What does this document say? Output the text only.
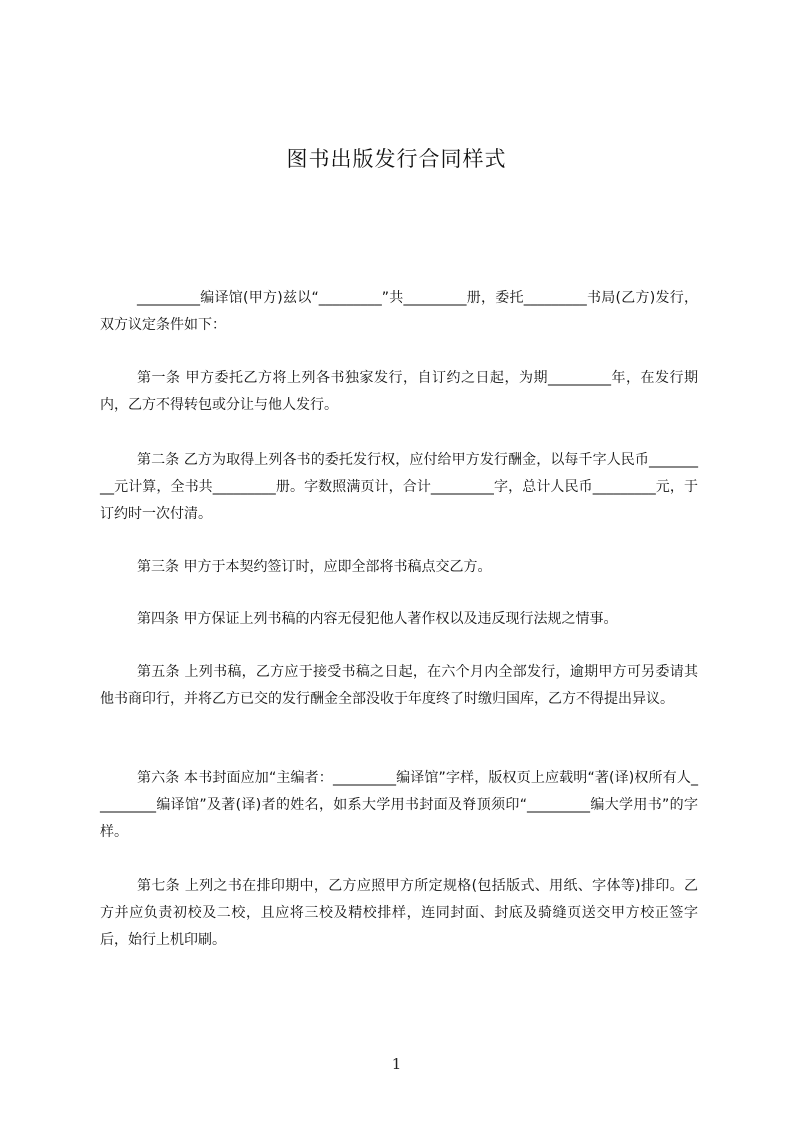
图书出版发行合同样式

_________编译馆(甲方)兹以“_________”共_________册，委托_________书局(乙方)发行，双方议定条件如下：

第一条 甲方委托乙方将上列各书独家发行，自订约之日起，为期_________年，在发行期内，乙方不得转包或分让与他人发行。

第二条 乙方为取得上列各书的委托发行权，应付给甲方发行酬金，以每千字人民币_________元计算，全书共_________册。字数照满页计，合计_________字，总计人民币_________元，于订约时一次付清。

第三条 甲方于本契约签订时，应即全部将书稿点交乙方。

第四条 甲方保证上列书稿的内容无侵犯他人著作权以及违反现行法规之情事。

第五条 上列书稿，乙方应于接受书稿之日起，在六个月内全部发行，逾期甲方可另委请其他书商印行，并将乙方已交的发行酬金全部没收于年度终了时缴归国库，乙方不得提出异议。

第六条 本书封面应加“主编者：_________编译馆”字样，版权页上应载明“著(译)权所有人_________编译馆”及著(译)者的姓名，如系大学用书封面及脊顶须印“_________编大学用书”的字样。

第七条 上列之书在排印期中，乙方应照甲方所定规格(包括版式、用纸、字体等)排印。乙方并应负责初校及二校，且应将三校及精校排样，连同封面、封底及骑缝页送交甲方校正签字后，始行上机印刷。

1
